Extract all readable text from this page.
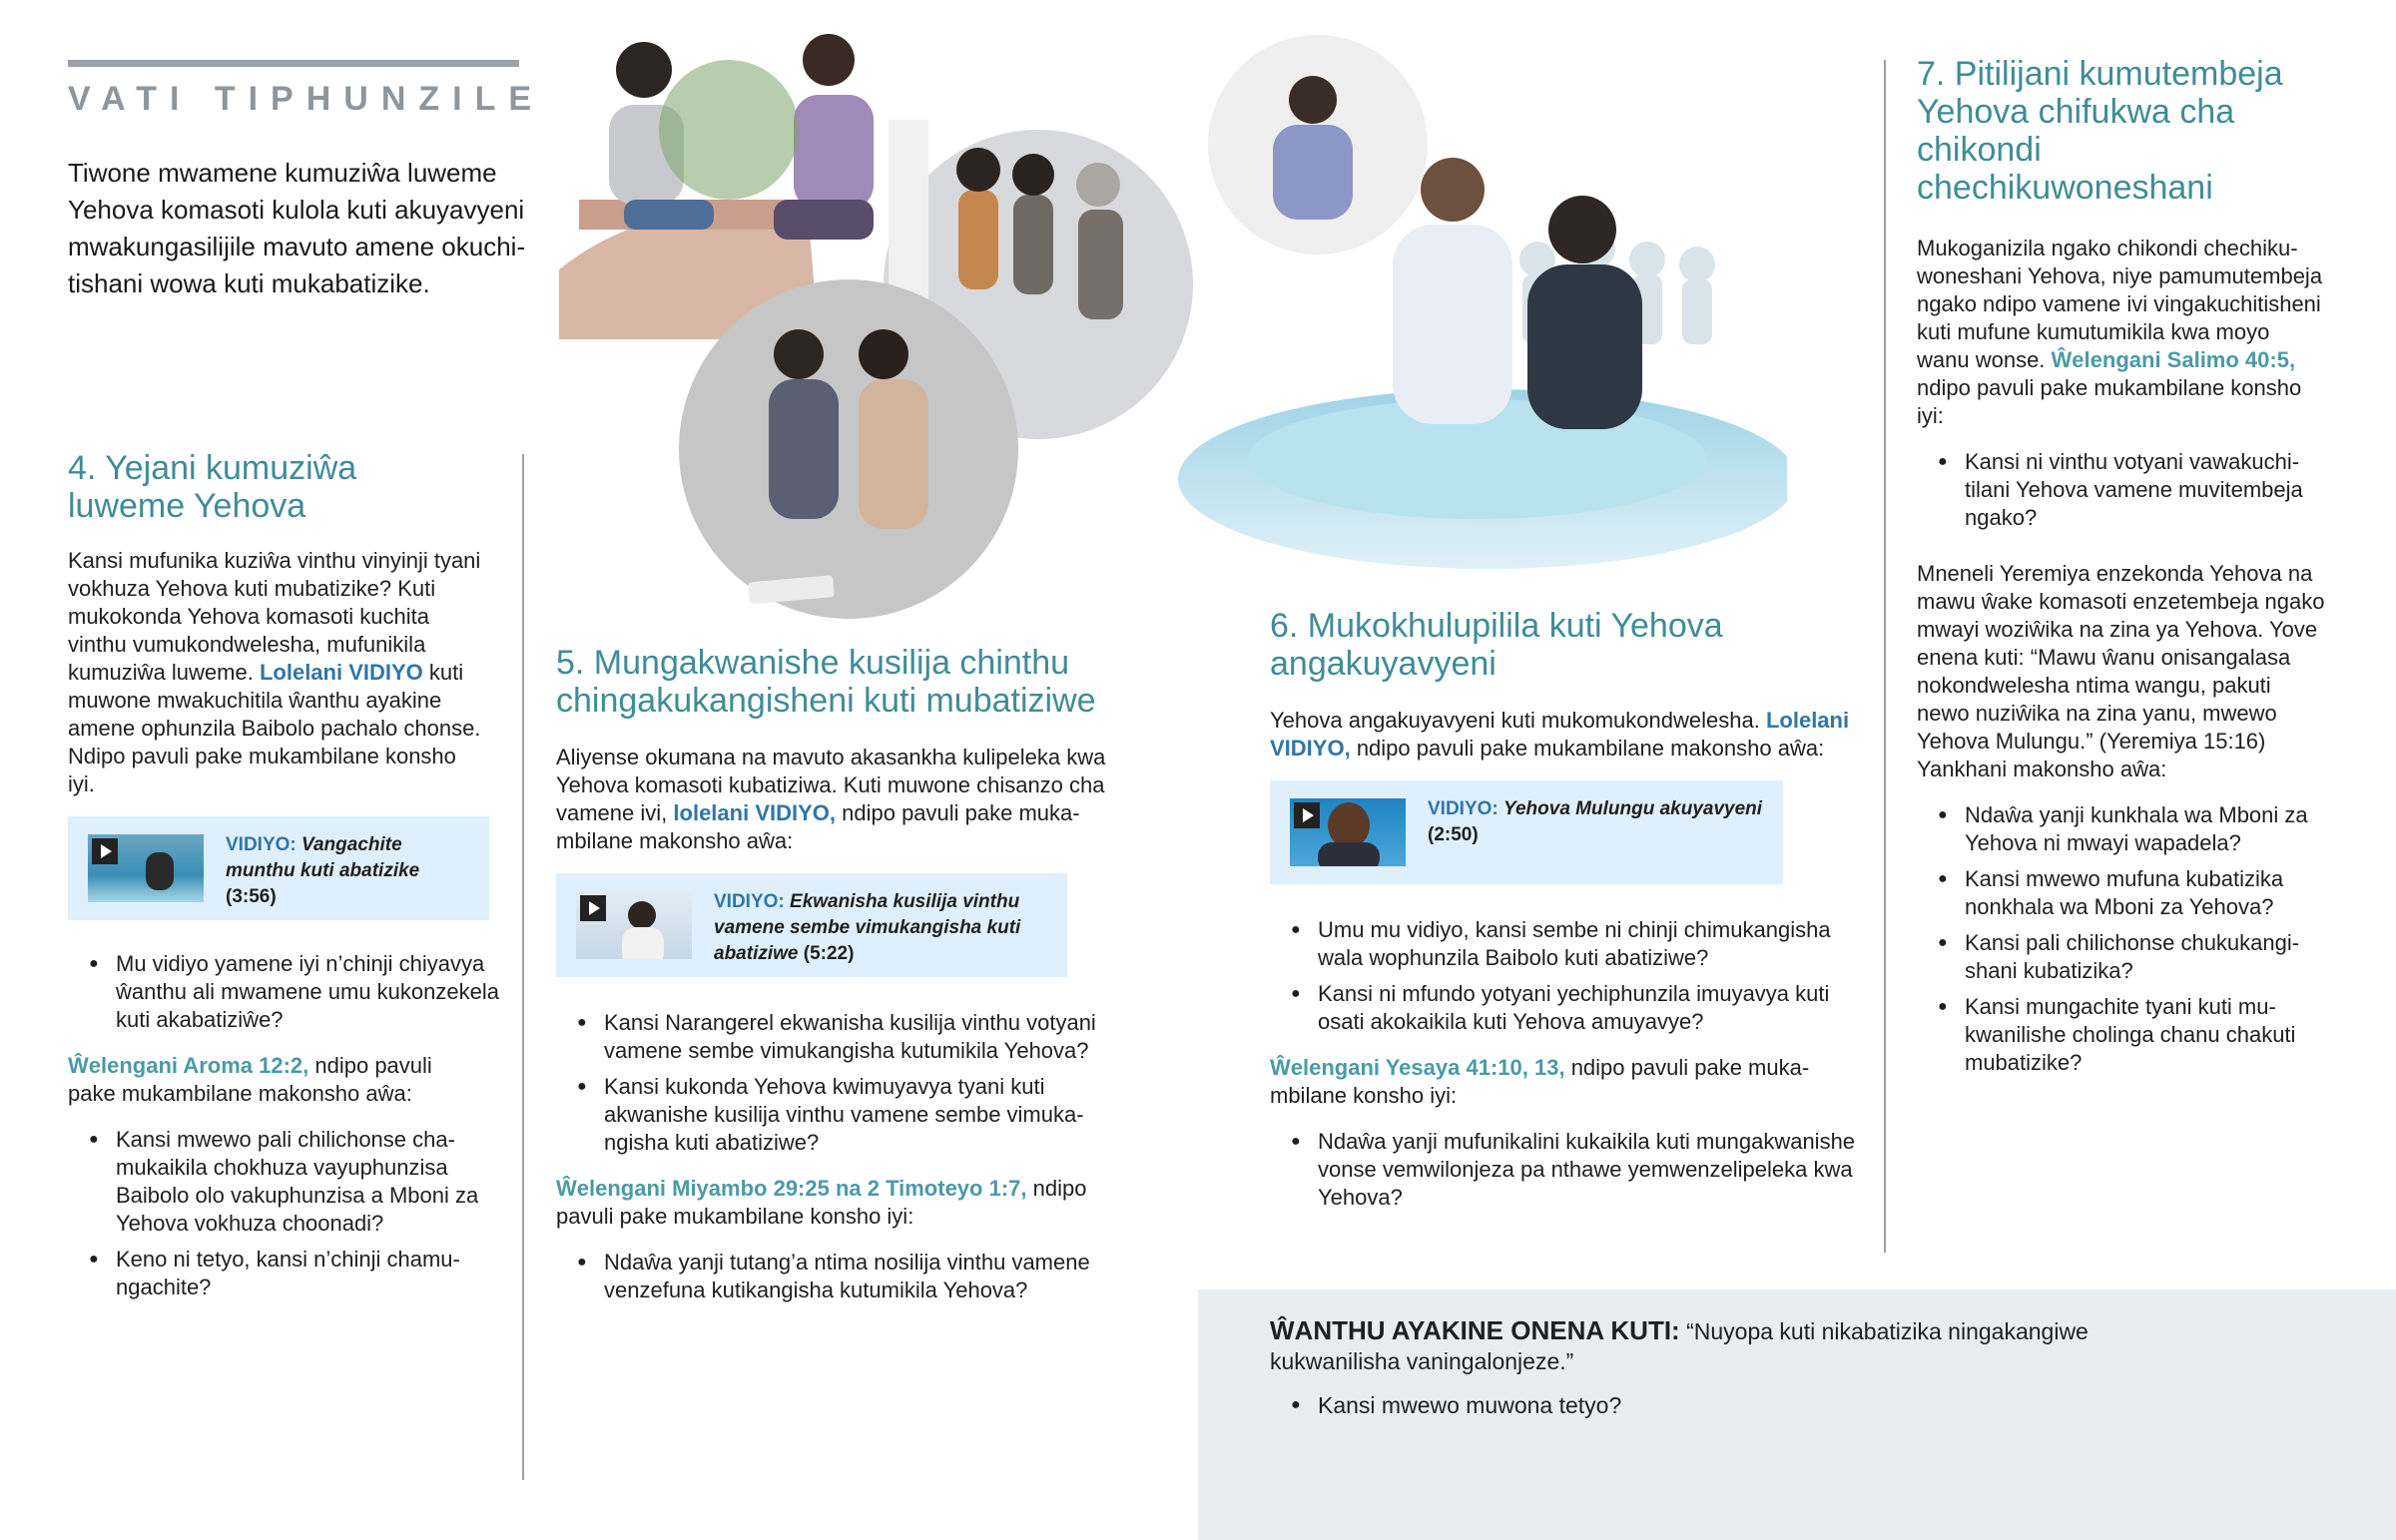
VATI TIPHUNZILE
Tiwone mwamene kumuziŵa luweme Yehova komasoti kulola kuti akuyavyeni mwakungasilijile mavuto amene okuchitishani wowa kuti mukabatizike.
4. Yejani kumuziŵa luweme Yehova

Kansi mufunika kuziŵa vinthu vinyinji tyani vokhuza Yehova kuti mubatizike? Kuti mukokonda Yehova komasoti kuchita vinthu vumukondwelesha, mufunikila kumuziŵa luweme. Lolelani VIDIYO kuti muwone mwakuchitila ŵanthu ayakine amene ophunzila Baibolo pachalo chonse. Ndipo pavuli pake mukambilane konsho iyi.

VIDIYO: Vangachite munthu kuti abatizike (3:56)
● Mu vidiyo yamene iyi n’chinji chiyavya ŵanthu ali mwamene umu kukonzekela kuti akabatiziŵe?

Ŵelengani Aroma 12:2, ndipo pavuli pake mukambilane makonsho aŵa:

● Kansi mwewo pali chilichonse chamukaikila chokhuza vayuphunzisa Baibolo olo vakuphunzisa a Mboni za Yehova vokhuza choonadi?
● Keno ni tetyo, kansi n’chinji chamungachite?
5. Mungakwanishe kusilija chinthu chingakukangisheni kuti mubatiziwe

Aliyense okumana na mavuto akasankha kulipeleka kwa Yehova komasoti kubatiziwa. Kuti muwone chisanzo cha vamene ivi, lolelani VIDIYO, ndipo pavuli pake mukambilane makonsho aŵa:

VIDIYO: Ekwanisha kusilija vinthu vamene sembe vimukangisha kuti abatiziwe (5:22)
● Kansi Narangerel ekwanisha kusilija vinthu votyani vamene sembe vimukangisha kutumikila Yehova?
● Kansi kukonda Yehova kwimuyavya tyani kuti akwanishe kusilija vinthu vamene sembe vimukangisha kuti abatiziwe?

Ŵelengani Miyambo 29:25 na 2 Timoteyo 1:7, ndipo pavuli pake mukambilane konsho iyi:

● Ndaŵa yanji tutang’a ntima nosilija vinthu vamene venzefuna kutikangisha kutumikila Yehova?
6. Mukokhulupilila kuti Yehova angakuyavyeni

Yehova angakuyavyeni kuti mukomukondwelesha. Lolelani VIDIYO, ndipo pavuli pake mukambilane makonsho aŵa:

VIDIYO: Yehova Mulungu akuyavyeni
(2:50)
● Umu mu vidiyo, kansi sembe ni chinji chimukangisha wala wophunzila Baibolo kuti abatiziwe?
● Kansi ni mfundo yotyani yechiphunzila imuyavya kuti osati akokaikila kuti Yehova amuyavye?

Ŵelengani Yesaya 41:10, 13, ndipo pavuli pake mukambilane konsho iyi:

● Ndaŵa yanji mufunikalini kukaikila kuti mungakwanishe vonse vemwilonjeza pa nthawe yemwenzelipeleka kwa Yehova?
7. Pitilijani kumutembeja Yehova chifukwa cha chikondi chechikuwoneshani

Mukoganizila ngako chikondi chechikuwoneshani Yehova, niye pamumutembeja ngako ndipo vamene ivi vingakuchitisheni kuti mufune kumutumikila kwa moyo wanu wonse. Ŵelengani Salimo 40:5, ndipo pavuli pake mukambilane konsho iyi:

● Kansi ni vinthu votyani vawakuchitilani Yehova vamene muvitembeja ngako?

Mneneli Yeremiya enzekonda Yehova na mawu ŵake komasoti enzetembeja ngako mwayi woziŵika na zina ya Yehova. Yove enena kuti: “Mawu ŵanu onisangalasa nokondwelesha ntima wangu, pakuti newo nuziŵika na zina yanu, mwewo Yehova Mulungu.” (Yeremiya 15:16) Yankhani makonsho aŵa:

● Ndaŵa yanji kunkhala wa Mboni za Yehova ni mwayi wapadela?
● Kansi mwewo mufuna kubatizika nonkhala wa Mboni za Yehova?
● Kansi pali chilichonse chukukangishani kubatizika?
● Kansi mungachite tyani kuti mukwanilishe cholinga chanu chakuti mubatizike?

ŴANTHU AYAKINE ONENA KUTI: “Nuyopa kuti nikabatizika ningakangiwe kukwanilisha vaningalonjeze.”

● Kansi mwewo muwona tetyo?
